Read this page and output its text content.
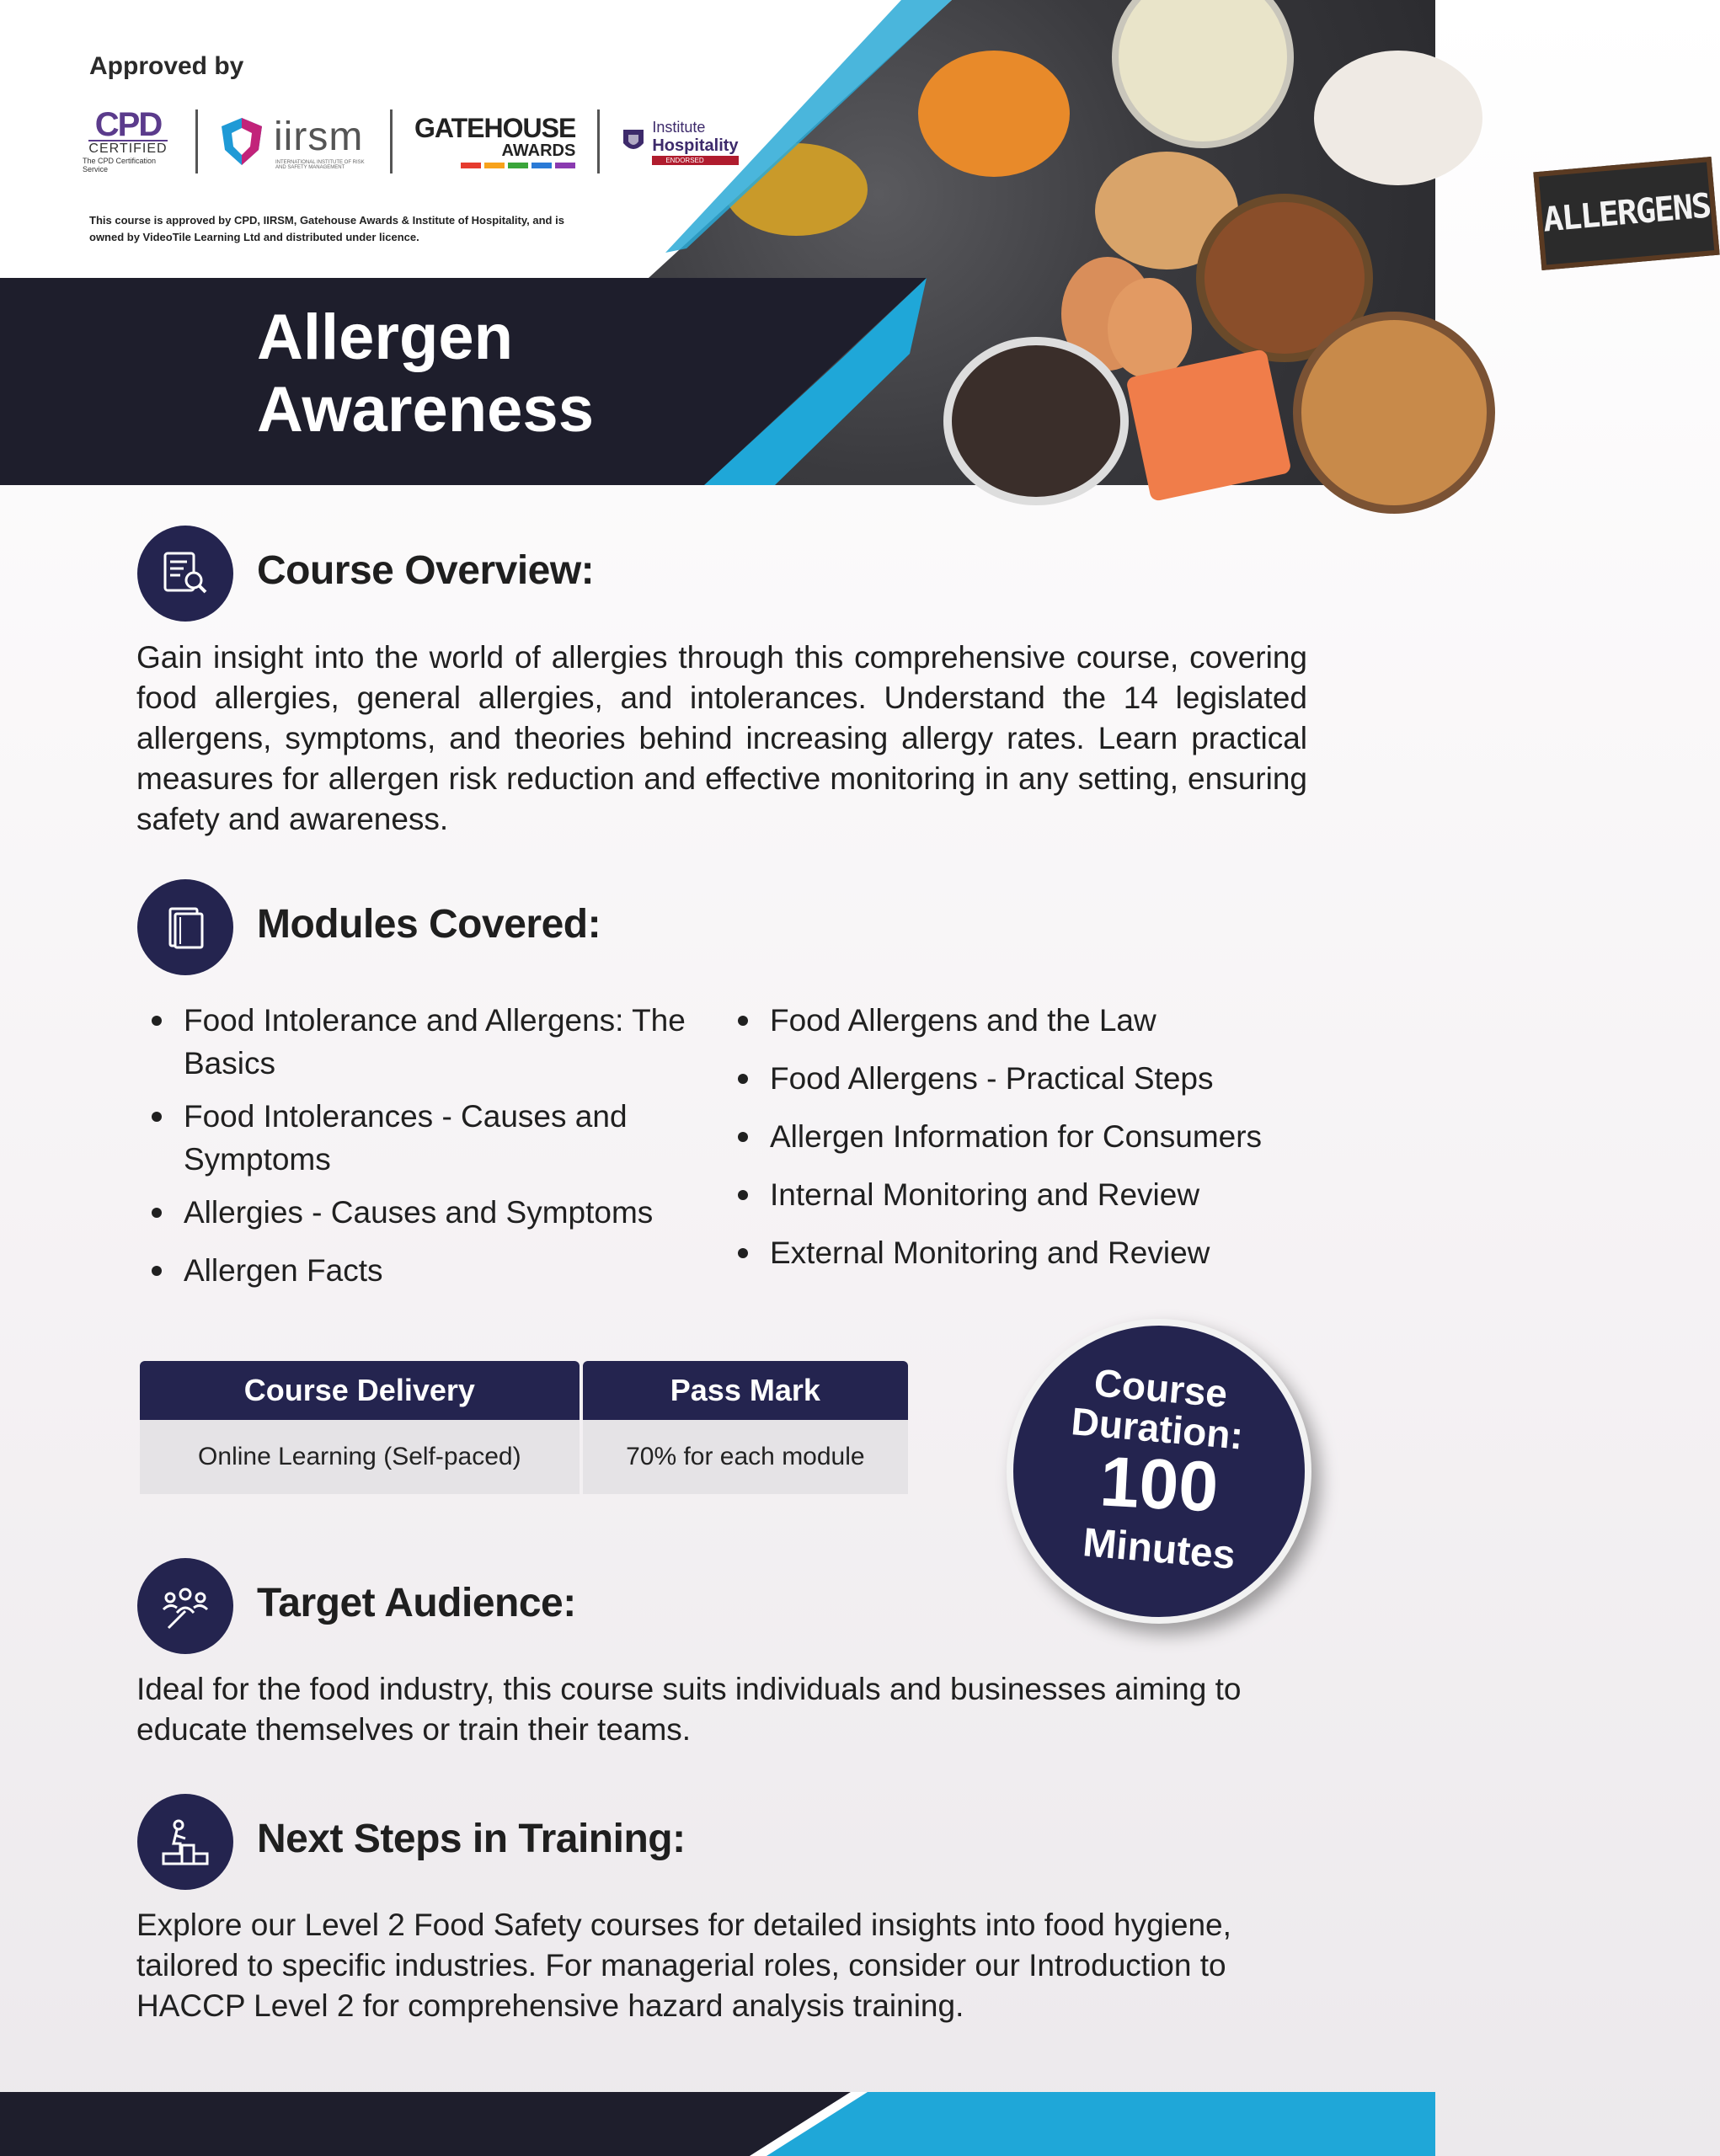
ALLERGENS
Allergen
Awareness
Approved by
CPD
CERTIFIED
The CPD Certification Service
iirsm
INTERNATIONAL INSTITUTE OF RISK AND SAFETY MANAGEMENT
GATEHOUSE
AWARDS
Institute
Hospitality
ENDORSED
This course is approved by CPD, IIRSM, Gatehouse Awards & Institute of Hospitality, and is owned by VideoTile Learning Ltd and distributed under licence.
Course Overview:
Gain insight into the world of allergies through this comprehensive course, covering food allergies, general allergies, and intolerances. Understand the 14 legislated allergens, symptoms, and theories behind increasing allergy rates. Learn practical measures for allergen risk reduction and effective monitoring in any setting, ensuring safety and awareness.
Modules Covered:
Food Intolerance and Allergens: The Basics
Food Intolerances - Causes and Symptoms
Allergies - Causes and Symptoms
Allergen Facts
Food Allergens and the Law
Food Allergens - Practical Steps
Allergen Information for Consumers
Internal Monitoring and Review
External Monitoring and Review
Course Delivery	Pass Mark
Online Learning (Self-paced)	70% for each module
Course Duration:
100
Minutes
Target Audience:
Ideal for the food industry, this course suits individuals and businesses aiming to educate themselves or train their teams.
Next Steps in Training:
Explore our Level 2 Food Safety courses for detailed insights into food hygiene, tailored to specific industries. For managerial roles, consider our Introduction to HACCP Level 2 for comprehensive hazard analysis training.
